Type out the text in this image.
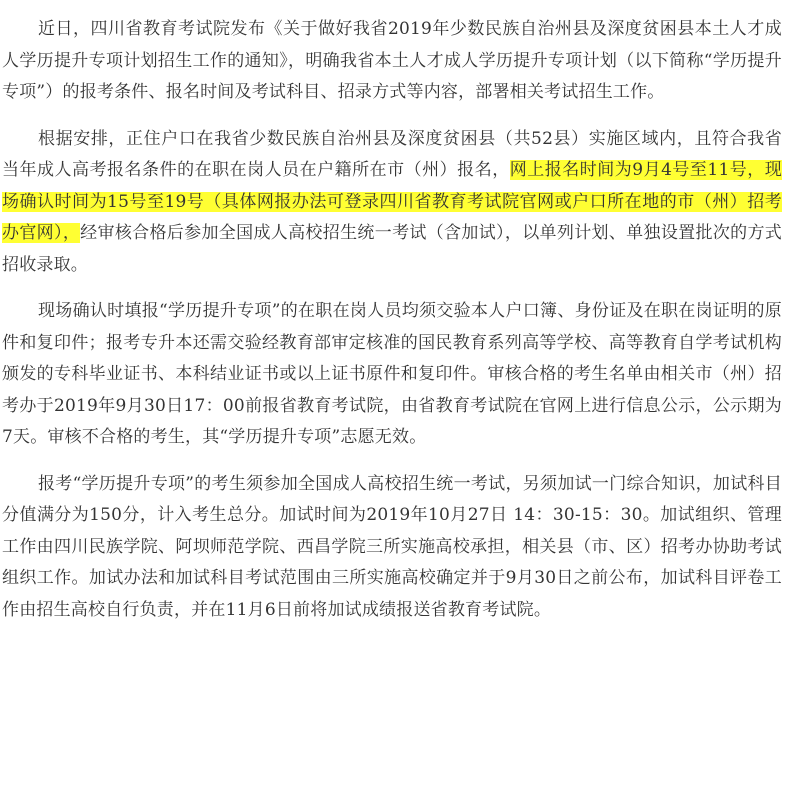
近日，四川省教育考试院发布《关于做好我省2019年少数民族自治州县及深度贫困县本土人才成人学历提升专项计划招生工作的通知》，明确我省本土人才成人学历提升专项计划（以下简称“学历提升专项”）的报考条件、报名时间及考试科目、招录方式等内容，部署相关考试招生工作。

根据安排，正住户口在我省少数民族自治州县及深度贫困县（共52县）实施区域内，且符合我省当年成人高考报名条件的在职在岗人员在户籍所在市（州）报名，网上报名时间为9月4号至11号，现场确认时间为15号至19号（具体网报办法可登录四川省教育考试院官网或户口所在地的市（州）招考办官网），经审核合格后参加全国成人高校招生统一考试（含加试），以单列计划、单独设置批次的方式招收录取。

现场确认时填报“学历提升专项”的在职在岗人员均须交验本人户口簿、身份证及在职在岗证明的原件和复印件；报考专升本还需交验经教育部审定核准的国民教育系列高等学校、高等教育自学考试机构颁发的专科毕业证书、本科结业证书或以上证书原件和复印件。审核合格的考生名单由相关市（州）招考办于2019年9月30日17：00前报省教育考试院，由省教育考试院在官网上进行信息公示，公示期为7天。审核不合格的考生，其“学历提升专项”志愿无效。

报考“学历提升专项”的考生须参加全国成人高校招生统一考试，另须加试一门综合知识，加试科目分值满分为150分，计入考生总分。加试时间为2019年10月27日 14：30-15：30。加试组织、管理工作由四川民族学院、阿坝师范学院、西昌学院三所实施高校承担，相关县（市、区）招考办协助考试组织工作。加试办法和加试科目考试范围由三所实施高校确定并于9月30日之前公布，加试科目评卷工作由招生高校自行负责，并在11月6日前将加试成绩报送省教育考试院。
